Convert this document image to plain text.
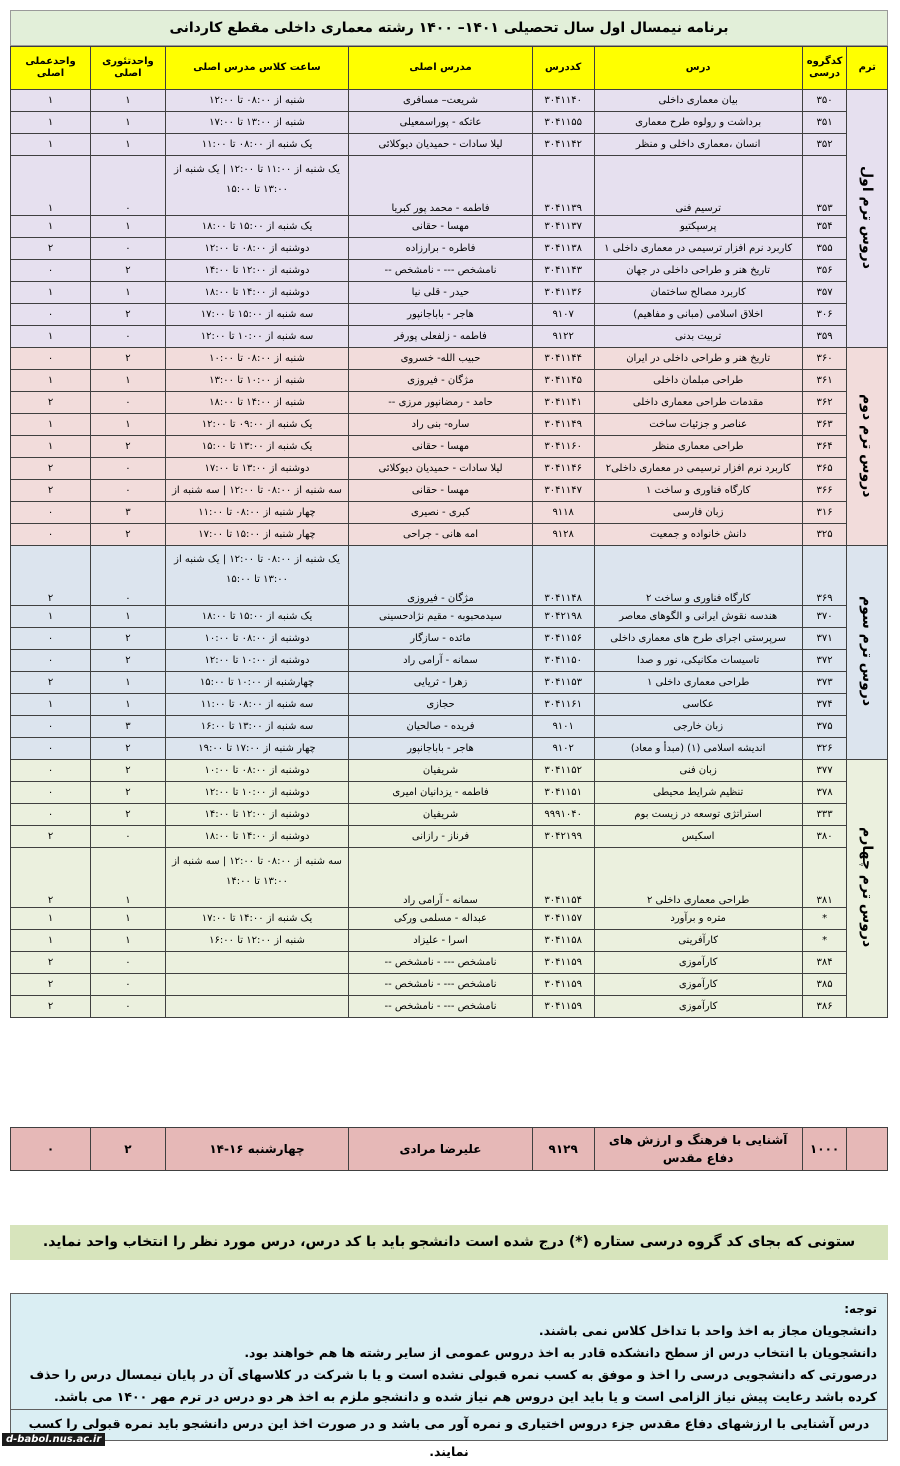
برنامه نیمسال اول سال تحصیلی ۱۴۰۱– ۱۴۰۰ رشته معماری داخلی مقطع کاردانی
ترم	کدگروه درسی	درس	کددرس	مدرس اصلی	ساعت کلاس مدرس اصلی	واحدتئوری اصلی	واحدعملی اصلی
دروس ترم اول	۳۵۰	بیان معماری داخلی	۳۰۴۱۱۴۰	شریعت– مسافری	شنبه از ۰۸:۰۰ تا ۱۲:۰۰	۱	۱
	۳۵۱	برداشت و رولوه طرح معماری	۳۰۴۱۱۵۵	عاتکه - پوراسمعیلی	شنبه از ۱۳:۰۰ تا ۱۷:۰۰	۱	۱
	۳۵۲	انسان ،معماری داخلی و منظر	۳۰۴۱۱۴۲	لیلا سادات - حمیدیان دیوکلائی	یک شنبه از ۰۸:۰۰ تا ۱۱:۰۰	۱	۱
	۳۵۳	ترسیم فنی	۳۰۴۱۱۳۹	فاطمه - محمد پور کبریا	یک شنبه از ۱۱:۰۰ تا ۱۲:۰۰ | یک شنبه از ۱۳:۰۰ تا ۱۵:۰۰	۰	۱
	۳۵۴	پرسپکتیو	۳۰۴۱۱۳۷	مهسا - حقانی	یک شنبه از ۱۵:۰۰ تا ۱۸:۰۰	۱	۱
	۳۵۵	کاربرد نرم افزار ترسیمی در معماری داخلی ۱	۳۰۴۱۱۳۸	فاطره - برارزاده	دوشنبه از ۰۸:۰۰ تا ۱۲:۰۰	۰	۲
	۳۵۶	تاریخ هنر و طراحی داخلی در جهان	۳۰۴۱۱۴۳	نامشخص --- - نامشخص --	دوشنبه از ۱۲:۰۰ تا ۱۴:۰۰	۲	۰
	۳۵۷	کاربرد مصالح ساختمان	۳۰۴۱۱۳۶	حیدر - قلی نیا	دوشنبه از ۱۴:۰۰ تا ۱۸:۰۰	۱	۱
	۳۰۶	اخلاق اسلامی (مبانی و مفاهیم)	۹۱۰۷	هاجر - باباجانپور	سه شنبه از ۱۵:۰۰ تا ۱۷:۰۰	۲	۰
	۳۵۹	تربیت بدنی	۹۱۲۲	فاطمه - زلفعلی پورفر	سه شنبه از ۱۰:۰۰ تا ۱۲:۰۰	۰	۱
دروس ترم دوم	۳۶۰	تاریخ هنر و طراحی داخلی در ایران	۳۰۴۱۱۴۴	حبیب الله- خسروی	شنبه از ۰۸:۰۰ تا ۱۰:۰۰	۲	۰
	۳۶۱	طراحی مبلمان داخلی	۳۰۴۱۱۴۵	مژگان - فیروزی	شنبه از ۱۰:۰۰ تا ۱۳:۰۰	۱	۱
	۳۶۲	مقدمات طراحی معماری داخلی	۳۰۴۱۱۴۱	حامد - رمضانپور مرزی --	شنبه از ۱۴:۰۰ تا ۱۸:۰۰	۰	۲
	۳۶۳	عناصر و جزئیات ساخت	۳۰۴۱۱۴۹	ساره- بنی راد	یک شنبه از ۰۹:۰۰ تا ۱۲:۰۰	۱	۱
	۳۶۴	طراحی معماری منظر	۳۰۴۱۱۶۰	مهسا - حقانی	یک شنبه از ۱۳:۰۰ تا ۱۵:۰۰	۲	۱
	۳۶۵	کاربرد نرم افزار ترسیمی در معماری داخلی۲	۳۰۴۱۱۴۶	لیلا سادات - حمیدیان دیوکلائی	دوشنبه از ۱۳:۰۰ تا ۱۷:۰۰	۰	۲
	۳۶۶	کارگاه فناوری و ساخت ۱	۳۰۴۱۱۴۷	مهسا - حقانی	سه شنبه از ۰۸:۰۰ تا ۱۲:۰۰ | سه شنبه از	۰	۲
	۳۱۶	زبان فارسی	۹۱۱۸	کبری - نصیری	چهار شنبه از ۰۸:۰۰ تا ۱۱:۰۰	۳	۰
	۳۲۵	دانش خانواده و جمعیت	۹۱۲۸	امه هانی - جراحی	چهار شنبه از ۱۵:۰۰ تا ۱۷:۰۰	۲	۰
دروس ترم سوم	۳۶۹	کارگاه فناوری و ساخت ۲	۳۰۴۱۱۴۸	مژگان - فیروزی	یک شنبه از ۰۸:۰۰ تا ۱۲:۰۰ | یک شنبه از ۱۳:۰۰ تا ۱۵:۰۰	۰	۲
	۳۷۰	هندسه نقوش ایرانی و الگوهای معاصر	۳۰۴۲۱۹۸	سیدمحبوبه - مقیم نژادحسینی	یک شنبه از ۱۵:۰۰ تا ۱۸:۰۰	۱	۱
	۳۷۱	سرپرستی اجرای طرح های معماری داخلی	۳۰۴۱۱۵۶	مائده - سازگار	دوشنبه از ۰۸:۰۰ تا ۱۰:۰۰	۲	۰
	۳۷۲	تاسیسات مکانیکی، نور و صدا	۳۰۴۱۱۵۰	سمانه - آرامی راد	دوشنبه از ۱۰:۰۰ تا ۱۲:۰۰	۲	۰
	۳۷۳	طراحی معماری داخلی ۱	۳۰۴۱۱۵۳	زهرا - ثریایی	چهارشنبه از ۱۰:۰۰ تا ۱۵:۰۰	۱	۲
	۳۷۴	عکاسی	۳۰۴۱۱۶۱	حجازی	سه شنبه از ۰۸:۰۰ تا ۱۱:۰۰	۱	۱
	۳۷۵	زبان خارجی	۹۱۰۱	فریده - صالحیان	سه شنبه از ۱۳:۰۰ تا ۱۶:۰۰	۳	۰
	۳۲۶	اندیشه اسلامی (۱) (مبدأ و معاد)	۹۱۰۲	هاجر - باباجانپور	چهار شنبه از ۱۷:۰۰ تا ۱۹:۰۰	۲	۰
دروس ترم چهارم	۳۷۷	زبان فنی	۳۰۴۱۱۵۲	شریفیان	دوشنبه از ۰۸:۰۰ تا ۱۰:۰۰	۲	۰
	۳۷۸	تنظیم شرایط محیطی	۳۰۴۱۱۵۱	فاطمه - یزدانیان امیری	دوشنبه از ۱۰:۰۰ تا ۱۲:۰۰	۲	۰
	۳۳۳	استراتژی توسعه در زیست بوم	۹۹۹۱۰۴۰	شریفیان	دوشنبه از ۱۲:۰۰ تا ۱۴:۰۰	۲	۰
	۳۸۰	اسکیس	۳۰۴۲۱۹۹	فرناز - رازانی	دوشنبه از ۱۴:۰۰ تا ۱۸:۰۰	۰	۲
	۳۸۱	طراحی معماری داخلی ۲	۳۰۴۱۱۵۴	سمانه - آرامی راد	سه شنبه از ۰۸:۰۰ تا ۱۲:۰۰ | سه شنبه از ۱۳:۰۰ تا ۱۴:۰۰	۱	۲
	*	متره و برآورد	۳۰۴۱۱۵۷	عبداله - مسلمی ورکی	یک شنبه از ۱۴:۰۰ تا ۱۷:۰۰	۱	۱
	*	کارآفرینی	۳۰۴۱۱۵۸	اسرا - علیزاد	شنبه از ۱۲:۰۰ تا ۱۶:۰۰	۱	۱
	۳۸۴	کارآموزی	۳۰۴۱۱۵۹	نامشخص --- - نامشخص --		۰	۲
	۳۸۵	کارآموزی	۳۰۴۱۱۵۹	نامشخص --- - نامشخص --		۰	۲
	۳۸۶	کارآموزی	۳۰۴۱۱۵۹	نامشخص --- - نامشخص --		۰	۲
	۱۰۰۰	آشنایی با فرهنگ و ارزش های دفاع مقدس	۹۱۲۹	علیرضا مرادی	چهارشنبه ۱۶-۱۴	۲	۰
ستونی که بجای کد گروه درسی ستاره (*) درج شده است دانشجو باید با کد درس، درس مورد نظر را انتخاب واحد نماید.
توجه:
دانشجویان مجاز به اخذ واحد با تداخل کلاس نمی باشند.
دانشجویان با انتخاب درس از سطح دانشکده قادر به اخذ دروس عمومی از سایر رشته ها هم خواهند بود.
درصورتی که دانشجویی درسی را اخذ و موفق به کسب نمره قبولی نشده است و یا با شرکت در کلاسهای آن در پایان نیمسال درس را حذف کرده باشد رعایت پیش نیاز الزامی است و یا باید این دروس هم نیاز شده و دانشجو ملزم به اخذ هر دو درس در ترم مهر ۱۴۰۰ می باشد.
درس آشنایی با ارزشهای دفاع مقدس جزء دروس اختیاری و نمره آور می باشد و در صورت اخذ این درس دانشجو باید نمره قبولی را کسب نمایند.
d-babol.nus.ac.ir
